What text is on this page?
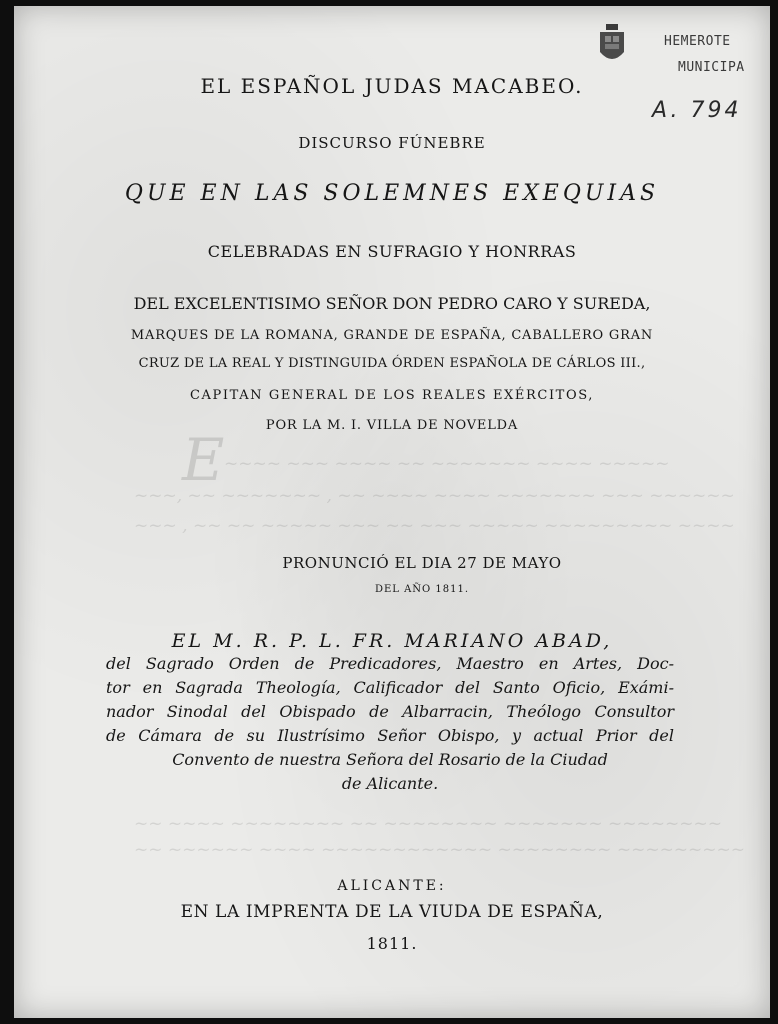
E ~~~~ ~~~ ~~~~ ~~ ~~~~~~~ ~~~~ ~~~~~
~~~, ~~ ~~~~~~~ , ~~ ~~~~ ~~~~ ~~~~~~~ ~~~ ~~~~~~
~~~ , ~~ ~~ ~~~~~ ~~~ ~~ ~~~ ~~~~~ ~~~~~~~~~ ~~~~
~~ ~~~~ ~~~~~~~~ ~~ ~~~~~~~~ ~~~~~~~ ~~~~~~~~
~~ ~~~~~~ ~~~~ ~~~~~~~~~~~~ ~~~~~~~~ ~~~~~~~~~
EL ESPAÑOL JUDAS MACABEO.
DISCURSO FÚNEBRE
QUE EN LAS SOLEMNES EXEQUIAS
CELEBRADAS EN SUFRAGIO Y HONRRAS
DEL EXCELENTISIMO SEÑOR DON PEDRO CARO Y SUREDA,
MARQUES DE LA ROMANA, GRANDE DE ESPAÑA, CABALLERO GRAN
CRUZ DE LA REAL Y DISTINGUIDA ÓRDEN ESPAÑOLA DE CÁRLOS III.,
CAPITAN GENERAL DE LOS REALES EXÉRCITOS,
POR LA M. I. VILLA DE NOVELDA
PRONUNCIÓ EL DIA 27 DE MAYO
DEL AÑO 1811.
EL M. R. P. L. FR. MARIANO ABAD,
del Sagrado Orden de Predicadores, Maestro en Artes, Doc-
tor en Sagrada Theología, Calificador del Santo Oficio, Exámi-
nador Sinodal del Obispado de Albarracin, Theólogo Consultor
de Cámara de su Ilustrísimo Señor Obispo, y actual Prior del
Convento de nuestra Señora del Rosario de la Ciudad
de Alicante.
ALICANTE:
EN LA IMPRENTA DE LA VIUDA DE ESPAÑA,
1811.
HEMEROTE
MUNICIPA
A. 794
